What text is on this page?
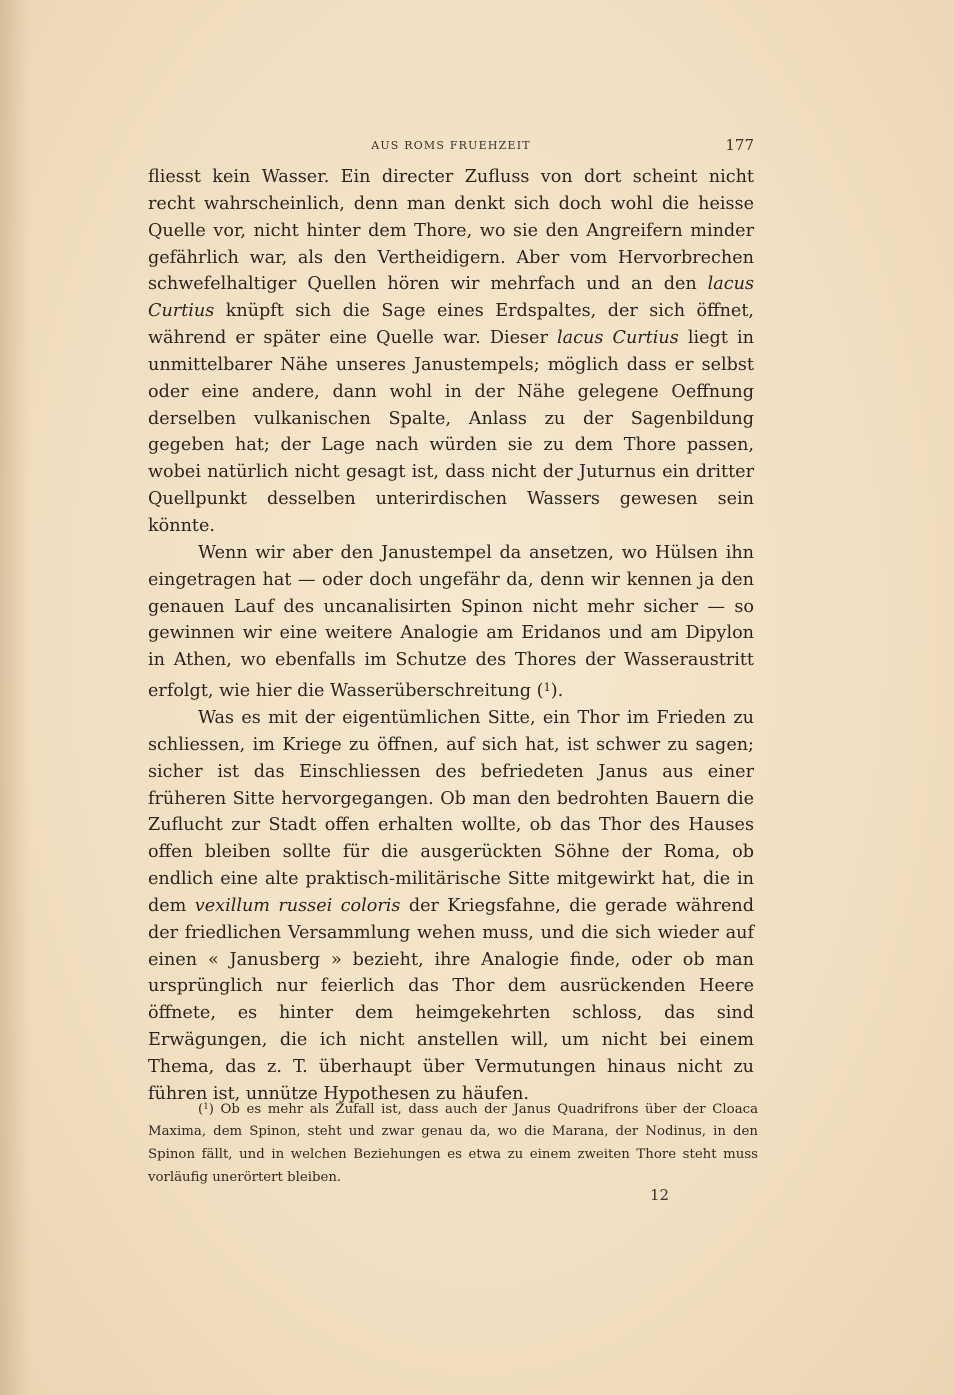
AUS ROMS FRUEHZEIT	177

fliesst kein Wasser. Ein directer Zufluss von dort scheint nicht recht wahrscheinlich, denn man denkt sich doch wohl die heisse Quelle vor, nicht hinter dem Thore, wo sie den Angreifern minder gefährlich war, als den Vertheidigern. Aber vom Hervorbrechen schwefelhaltiger Quellen hören wir mehrfach und an den lacus Curtius knüpft sich die Sage eines Erdspaltes, der sich öffnet, während er später eine Quelle war. Dieser lacus Curtius liegt in unmittelbarer Nähe unseres Janustempels; möglich dass er selbst oder eine andere, dann wohl in der Nähe gelegene Oeffnung derselben vulkanischen Spalte, Anlass zu der Sagenbildung gegeben hat; der Lage nach würden sie zu dem Thore passen, wobei natürlich nicht gesagt ist, dass nicht der Juturnus ein dritter Quellpunkt desselben unterirdischen Wassers gewesen sein könnte.

Wenn wir aber den Janustempel da ansetzen, wo Hülsen ihn eingetragen hat — oder doch ungefähr da, denn wir kennen ja den genauen Lauf des uncanalisirten Spinon nicht mehr sicher — so gewinnen wir eine weitere Analogie am Eridanos und am Dipylon in Athen, wo ebenfalls im Schutze des Thores der Wasseraustritt erfolgt, wie hier die Wasserüberschreitung ($^1$).

Was es mit der eigentümlichen Sitte, ein Thor im Frieden zu schliessen, im Kriege zu öffnen, auf sich hat, ist schwer zu sagen; sicher ist das Einschliessen des befriedeten Janus aus einer früheren Sitte hervorgegangen. Ob man den bedrohten Bauern die Zuflucht zur Stadt offen erhalten wollte, ob das Thor des Hauses offen bleiben sollte für die ausgerückten Söhne der Roma, ob endlich eine alte praktisch-militärische Sitte mitgewirkt hat, die in dem vexillum russei coloris der Kriegsfahne, die gerade während der friedlichen Versammlung wehen muss, und die sich wieder auf einen « Janusberg » bezieht, ihre Analogie finde, oder ob man ursprünglich nur feierlich das Thor dem ausrückenden Heere öffnete, es hinter dem heimgekehrten schloss, das sind Erwägungen, die ich nicht anstellen will, um nicht bei einem Thema, das z. T. überhaupt über Vermutungen hinaus nicht zu führen ist, unnütze Hypothesen zu häufen.

($^1$) Ob es mehr als Zufall ist, dass auch der Janus Quadrifrons über der Cloaca Maxima, dem Spinon, steht und zwar genau da, wo die Marana, der Nodinus, in den Spinon fällt, und in welchen Beziehungen es etwa zu einem zweiten Thore steht muss vorläufig unerörtert bleiben.

12
